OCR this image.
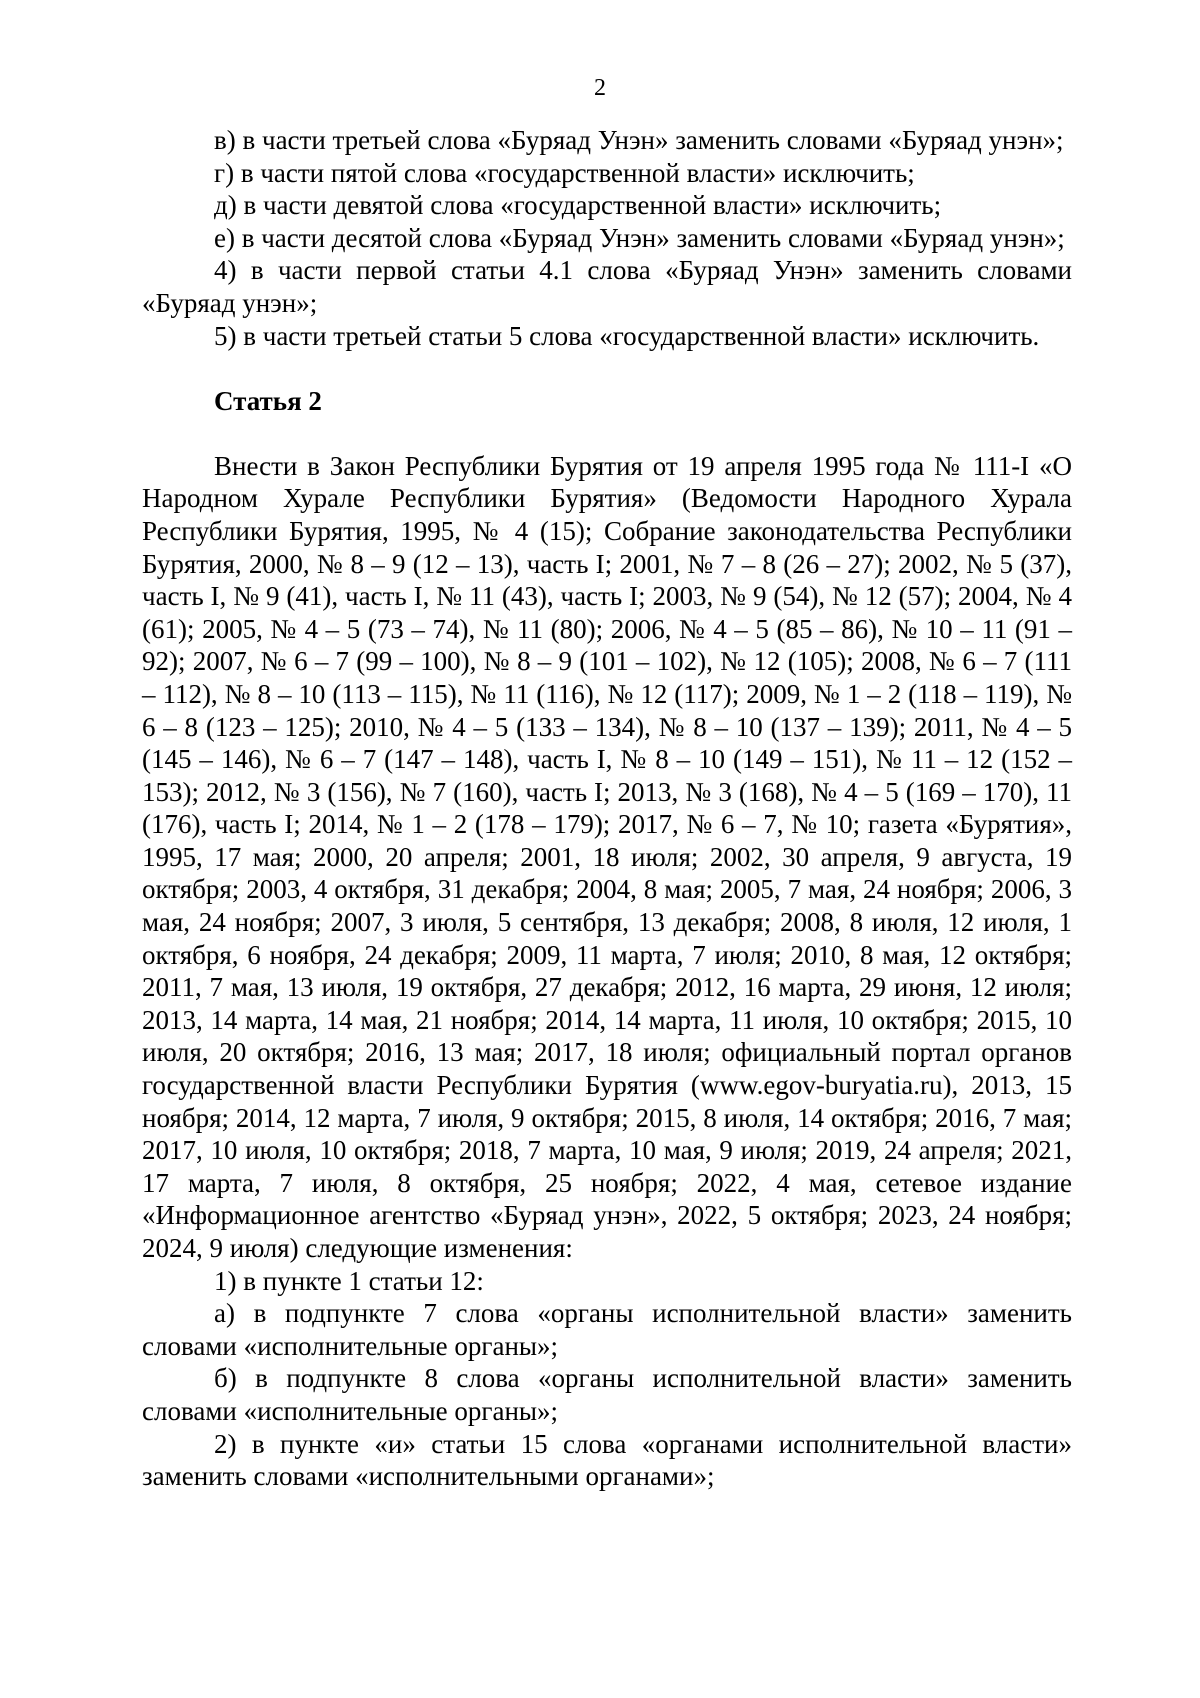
2

в) в части третьей слова «Буряад Унэн» заменить словами «Буряад унэн»;

г) в части пятой слова «государственной власти» исключить;

д) в части девятой слова «государственной власти» исключить;

е) в части десятой слова «Буряад Унэн» заменить словами «Буряад унэн»;

4) в части первой статьи 4.1 слова «Буряад Унэн» заменить словами «Буряад унэн»;

5) в части третьей статьи 5 слова «государственной власти» исключить.

Статья 2

Внести в Закон Республики Бурятия от 19 апреля 1995 года № 111-I «О Народном Хурале Республики Бурятия» (Ведомости Народного Хурала Республики Бурятия, 1995, № 4 (15); Собрание законодательства Республики Бурятия, 2000, № 8 – 9 (12 – 13), часть I; 2001, № 7 – 8 (26 – 27); 2002, № 5 (37), часть I, № 9 (41), часть I, № 11 (43), часть I; 2003, № 9 (54), № 12 (57); 2004, № 4 (61); 2005, № 4 – 5 (73 – 74), № 11 (80); 2006, № 4 – 5 (85 – 86), № 10 – 11 (91 – 92); 2007, № 6 – 7 (99 – 100), № 8 – 9 (101 – 102), № 12 (105); 2008, № 6 – 7 (111 – 112), № 8 – 10 (113 – 115), № 11 (116), № 12 (117); 2009, № 1 – 2 (118 – 119), № 6 – 8 (123 – 125); 2010, № 4 – 5 (133 – 134), № 8 – 10 (137 – 139); 2011, № 4 – 5 (145 – 146), № 6 – 7 (147 – 148), часть I, № 8 – 10 (149 – 151), № 11 – 12 (152 – 153); 2012, № 3 (156), № 7 (160), часть I; 2013, № 3 (168), № 4 – 5 (169 – 170), 11 (176), часть I; 2014, № 1 – 2 (178 – 179); 2017, № 6 – 7, № 10; газета «Бурятия», 1995, 17 мая; 2000, 20 апреля; 2001, 18 июля; 2002, 30 апреля, 9 августа, 19 октября; 2003, 4 октября, 31 декабря; 2004, 8 мая; 2005, 7 мая, 24 ноября; 2006, 3 мая, 24 ноября; 2007, 3 июля, 5 сентября, 13 декабря; 2008, 8 июля, 12 июля, 1 октября, 6 ноября, 24 декабря; 2009, 11 марта, 7 июля; 2010, 8 мая, 12 октября; 2011, 7 мая, 13 июля, 19 октября, 27 декабря; 2012, 16 марта, 29 июня, 12 июля; 2013, 14 марта, 14 мая, 21 ноября; 2014, 14 марта, 11 июля, 10 октября; 2015, 10 июля, 20 октября; 2016, 13 мая; 2017, 18 июля; официальный портал органов государственной власти Республики Бурятия (www.egov-buryatia.ru), 2013, 15 ноября; 2014, 12 марта, 7 июля, 9 октября; 2015, 8 июля, 14 октября; 2016, 7 мая; 2017, 10 июля, 10 октября; 2018, 7 марта, 10 мая, 9 июля; 2019, 24 апреля; 2021, 17 марта, 7 июля, 8 октября, 25 ноября; 2022, 4 мая, сетевое издание «Информационное агентство «Буряад унэн», 2022, 5 октября; 2023, 24 ноября; 2024, 9 июля) следующие изменения:

1) в пункте 1 статьи 12:

а) в подпункте 7 слова «органы исполнительной власти» заменить словами «исполнительные органы»;

б) в подпункте 8 слова «органы исполнительной власти» заменить словами «исполнительные органы»;

2) в пункте «и» статьи 15 слова «органами исполнительной власти» заменить словами «исполнительными органами»;
